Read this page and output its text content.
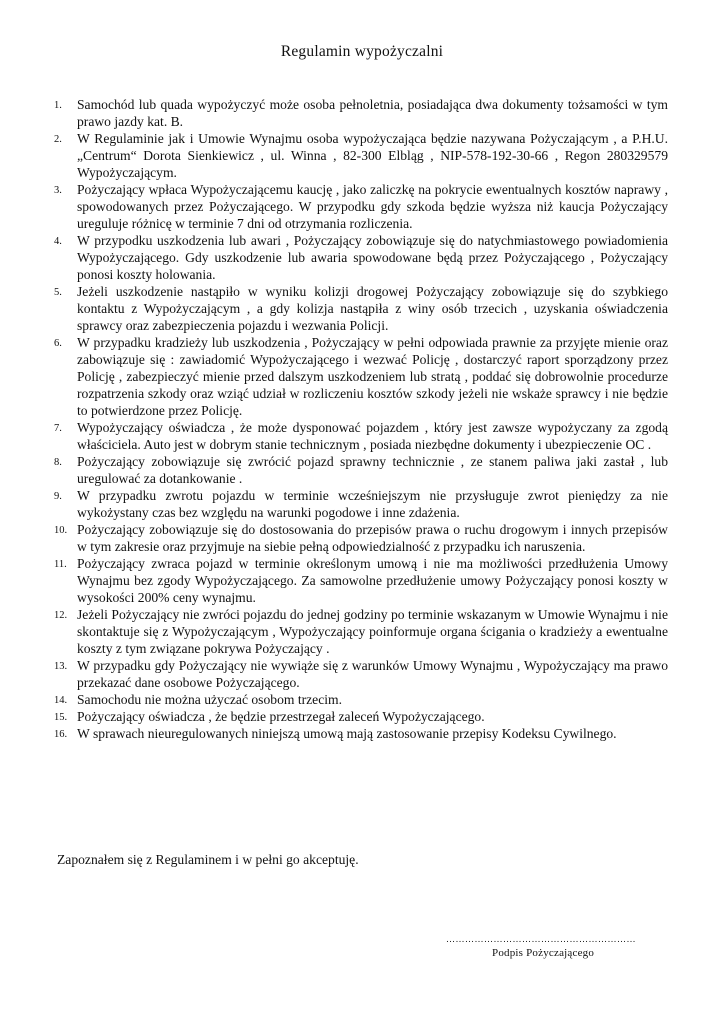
Regulamin wypożyczalni
1.	Samochód lub quada wypożyczyć może osoba pełnoletnia, posiadająca dwa dokumenty tożsamości w tym prawo jazdy kat. B.
2.	W Regulaminie jak i Umowie Wynajmu osoba wypożyczająca będzie nazywana Pożyczającym , a P.H.U. „Centrum“ Dorota Sienkiewicz , ul. Winna , 82-300 Elbląg , NIP-578-192-30-66 , Regon 280329579 Wypożyczającym.
3.	Pożyczający wpłaca Wypożyczającemu kaucję , jako zaliczkę na pokrycie ewentualnych kosztów naprawy , spowodowanych przez Pożyczającego. W przypodku gdy szkoda będzie wyższa niż kaucja Pożyczający ureguluje różnicę w terminie 7 dni od otrzymania rozliczenia.
4.	W przypodku uszkodzenia lub awari , Pożyczający zobowiązuje się do natychmiastowego powiadomienia Wypożyczającego. Gdy uszkodzenie lub awaria spowodowane będą przez Pożyczającego , Pożyczający ponosi koszty holowania.
5.	Jeżeli uszkodzenie nastąpiło w wyniku kolizji drogowej Pożyczający zobowiązuje się do szybkiego kontaktu z Wypożyczającym , a gdy kolizja nastąpiła z winy osób trzecich , uzyskania oświadczenia sprawcy oraz zabezpieczenia pojazdu i wezwania Policji.
6.	W przypadku kradzieży lub uszkodzenia , Pożyczający w pełni odpowiada prawnie za przyjęte mienie oraz zabowiązuje się : zawiadomić Wypożyczającego i wezwać Policję , dostarczyć raport sporządzony przez Policję , zabezpieczyć mienie przed dalszym uszkodzeniem lub stratą , poddać się dobrowolnie procedurze rozpatrzenia szkody oraz wziąć udział w rozliczeniu kosztów szkody jeżeli nie wskaże sprawcy i nie będzie to potwierdzone przez Policję.
7.	Wypożyczający oświadcza , że może dysponować pojazdem , który jest zawsze wypożyczany za zgodą właściciela. Auto jest w dobrym stanie technicznym , posiada niezbędne dokumenty i ubezpieczenie OC .
8.	Pożyczający zobowiązuje się zwrócić pojazd sprawny technicznie , ze stanem paliwa jaki zastał , lub uregulować za dotankowanie .
9.	W przypadku zwrotu pojazdu w terminie wcześniejszym nie przysługuje zwrot pieniędzy za nie wykożystany czas bez względu na warunki pogodowe i inne zdażenia.
10. Pożyczający zobowiązuje się do dostosowania do przepisów prawa o ruchu drogowym i innych przepisów w tym zakresie oraz przyjmuje na siebie pełną odpowiedzialność z przypadku ich naruszenia.
11. Pożyczający zwraca pojazd w terminie określonym umową i nie ma możliwości przedłużenia Umowy Wynajmu bez zgody Wypożyczającego. Za samowolne przedłużenie umowy Pożyczający ponosi koszty w wysokości 200% ceny wynajmu.
12. Jeżeli Pożyczający nie zwróci pojazdu do jednej godziny po terminie wskazanym w Umowie Wynajmu i nie skontaktuje się z Wypożyczającym , Wypożyczający poinformuje organa ścigania o kradzieży a ewentualne koszty z tym związane pokrywa Pożyczający .
13. W przypadku gdy Pożyczający nie wywiąże się z warunków Umowy Wynajmu , Wypożyczający ma prawo przekazać dane osobowe Pożyczającego.
14. Samochodu nie można użyczać osobom trzecim.
15. Pożyczający oświadcza , że będzie przestrzegał zaleceń Wypożyczającego.
16. W sprawach nieuregulowanych niniejszą umową mają zastosowanie przepisy Kodeksu Cywilnego.
Zapoznałem się z Regulaminem i w pełni go akceptuję.
……………………………………………………
Podpis Pożyczającego
